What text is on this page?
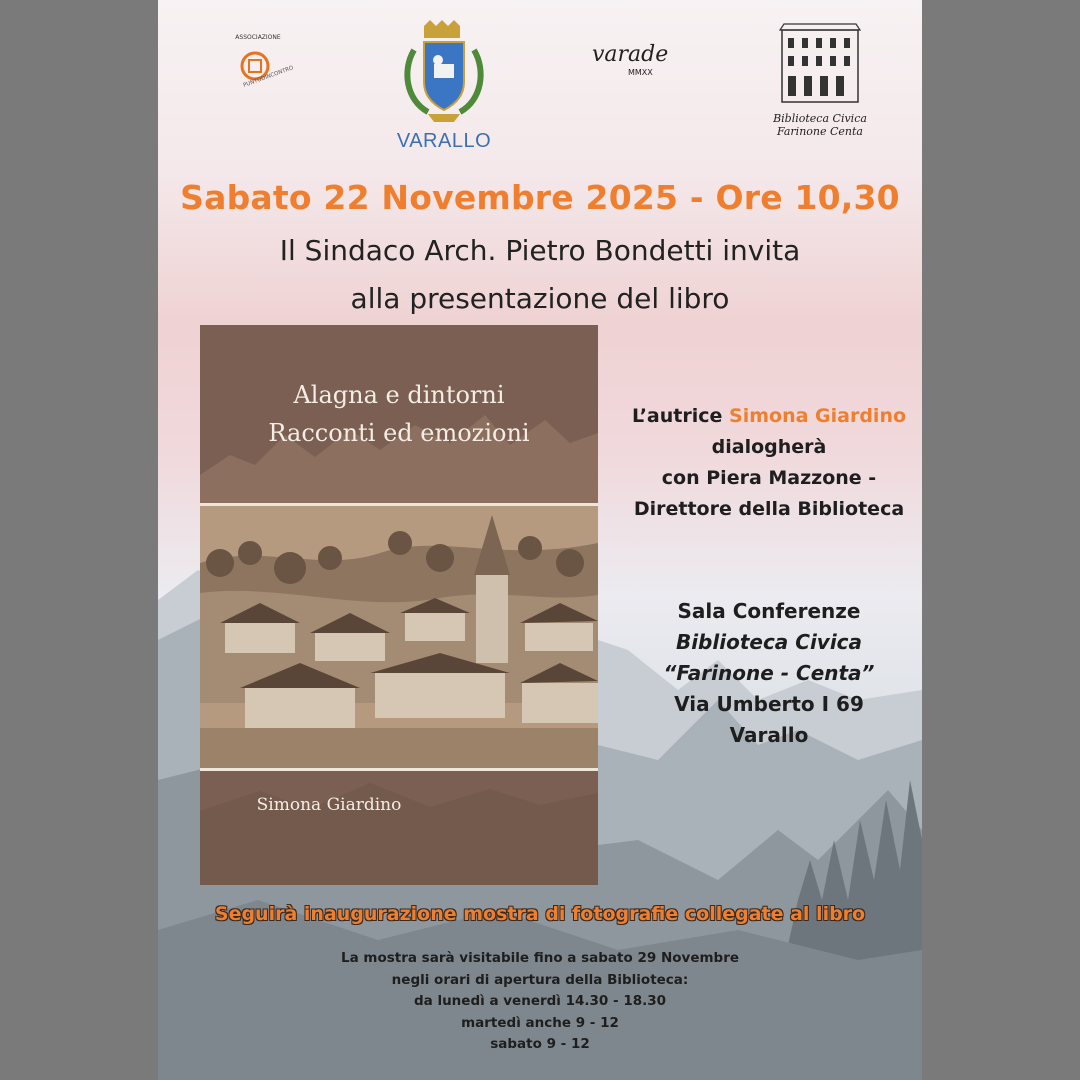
ASSOCIAZIONE
PUNTODINCONTRO
VARALLO
varade
MMXX
Biblioteca Civica
Farinone Centa
Sabato 22 Novembre 2025 - Ore 10,30
Il Sindaco Arch. Pietro Bondetti invita
alla presentazione del libro
Alagna e dintorni
Racconti ed emozioni
Simona Giardino
L’autrice Simona Giardino
dialogherà
con Piera Mazzone -
Direttore della Biblioteca
Sala Conferenze
Biblioteca Civica
“Farinone - Centa”
Via Umberto I 69
Varallo
Seguirà inaugurazione mostra di fotografie collegate al libro
La mostra sarà visitabile fino a sabato 29 Novembre
negli orari di apertura della Biblioteca:
da lunedì a venerdì 14.30 - 18.30
martedì anche 9 - 12
sabato 9 - 12
